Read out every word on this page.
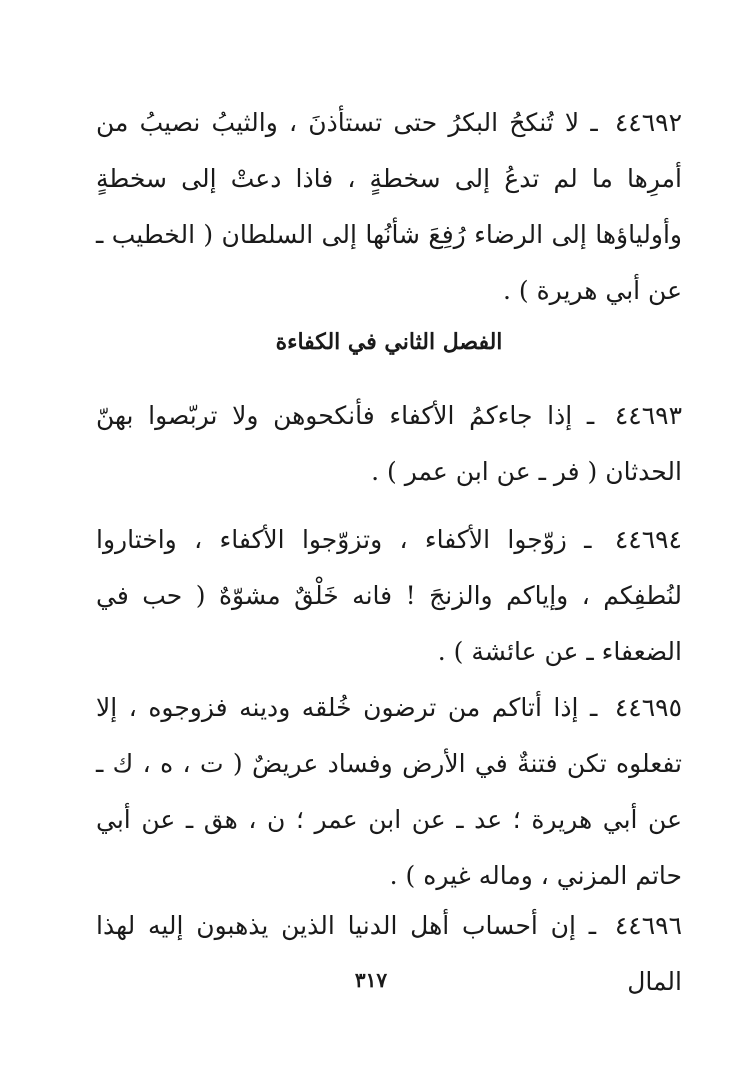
٤٤٦٩٢ ـ لا تُنكحُ البكرُ حتى تستأذنَ ، والثيبُ نصيبُ من أمرِها ما لم تدعُ إلى سخطةٍ ، فاذا دعتْ إلى سخطةٍ وأولياؤها إلى الرضاء رُفِعَ شأنُها إلى السلطان ( الخطيب ـ عن أبي هريرة ) .

الفصل الثاني في الكفاءة

٤٤٦٩٣ ـ إذا جاءكمُ الأكفاء فأنكحوهن ولا تربّصوا بهنّ الحدثان ( فر ـ عن ابن عمر ) .

٤٤٦٩٤ ـ زوّجوا الأكفاء ، وتزوّجوا الأكفاء ، واختاروا لنُطفِكم ، وإياكم والزنجَ ! فانه خَلْقٌ مشوّهٌ ( حب في الضعفاء ـ عن عائشة ) .

٤٤٦٩٥ ـ إذا أتاكم من ترضون خُلقه ودينه فزوجوه ، إلا تفعلوه تكن فتنةٌ في الأرض وفساد عريضٌ ( ت ، ه ، ك ـ عن أبي هريرة ؛ عد ـ عن ابن عمر ؛ ن ، هق ـ عن أبي حاتم المزني ، وماله غيره ) .

٤٤٦٩٦ ـ إن أحساب أهل الدنيا الذين يذهبون إليه لهذا المال

٣١٧
